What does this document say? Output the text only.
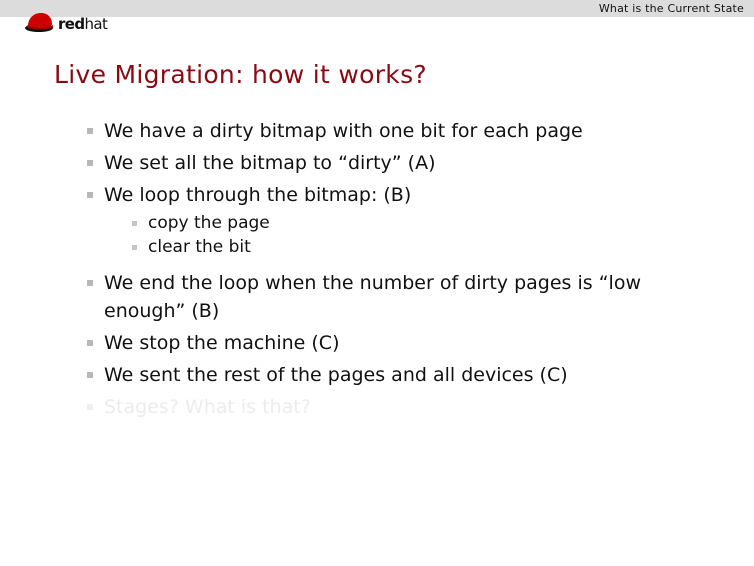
What is the Current State
redhat
Live Migration: how it works?
We have a dirty bitmap with one bit for each page
We set all the bitmap to “dirty” (A)
We loop through the bitmap: (B)
copy the page
clear the bit
We end the loop when the number of dirty pages is “low enough” (B)
We stop the machine (C)
We sent the rest of the pages and all devices (C)
Stages? What is that?
